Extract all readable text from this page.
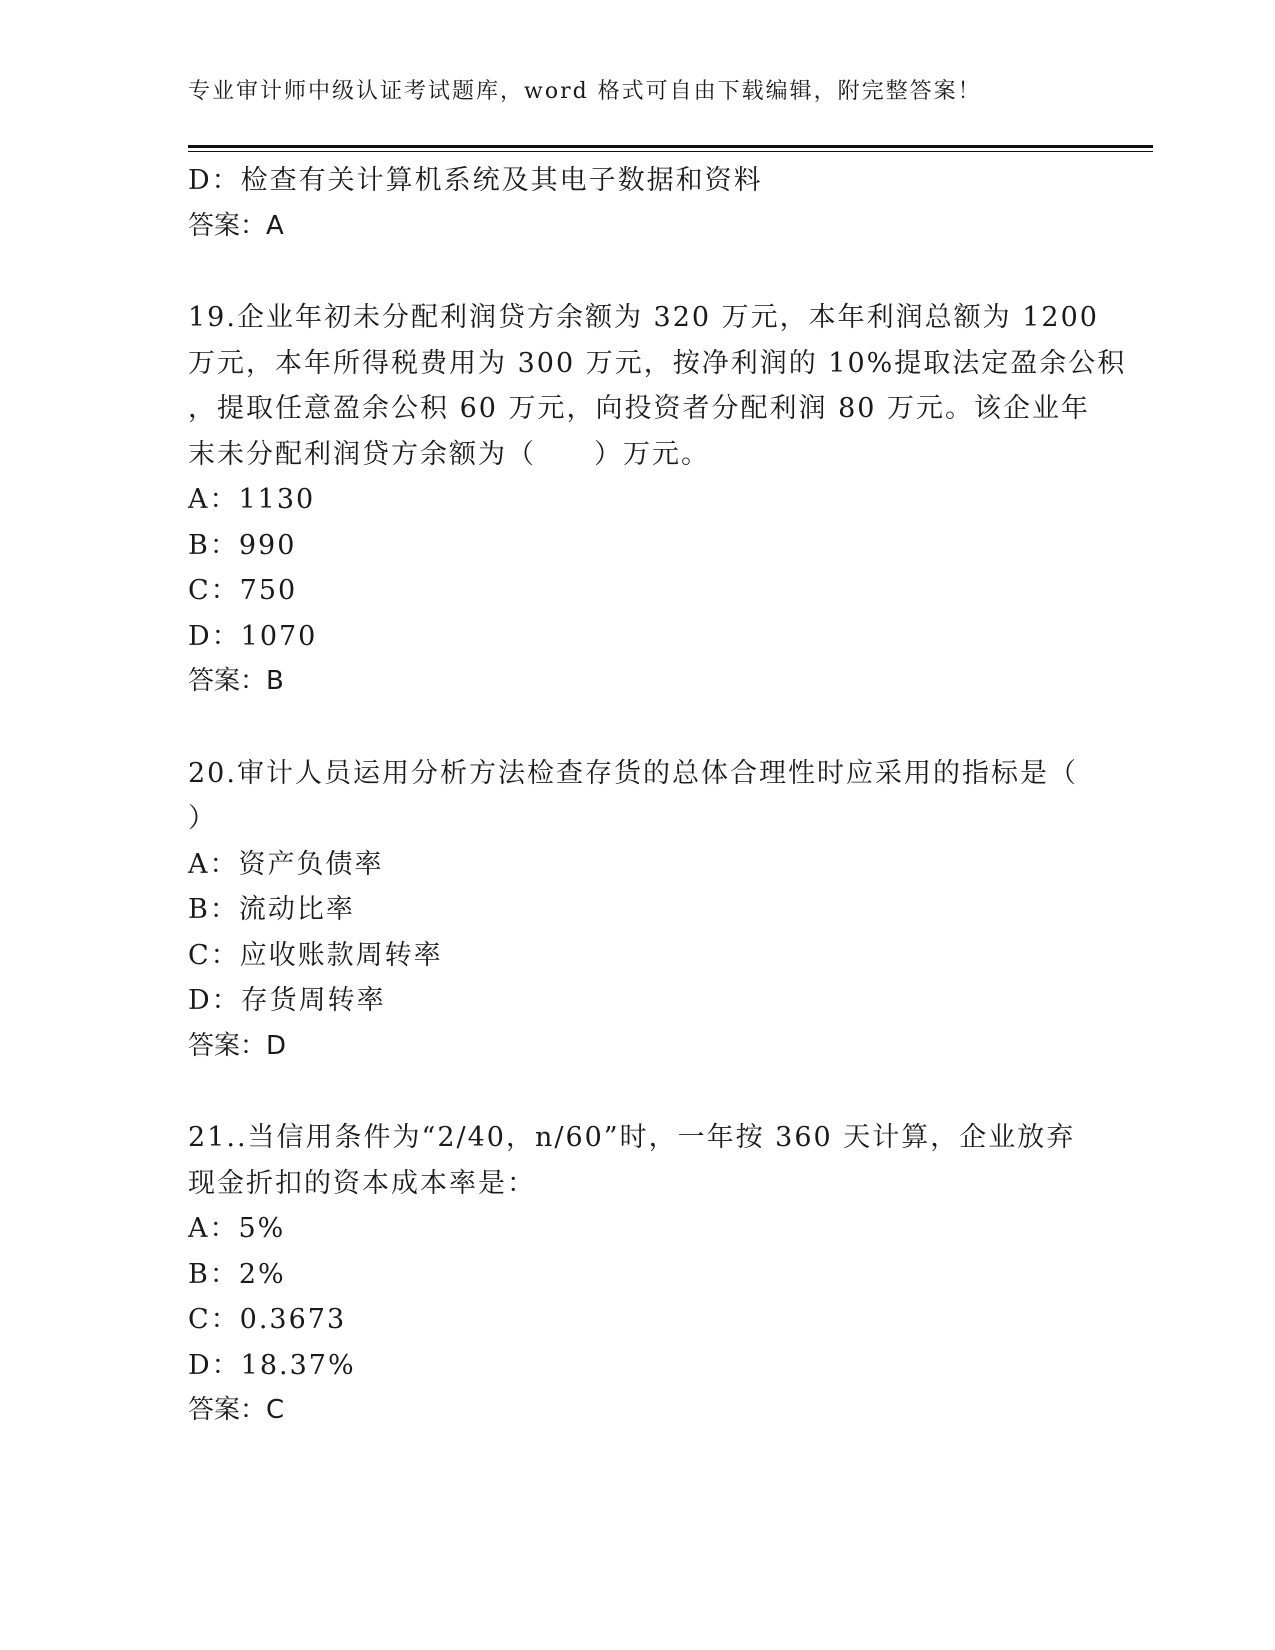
专业审计师中级认证考试题库，word 格式可自由下载编辑，附完整答案！
D：检查有关计算机系统及其电子数据和资料
答案：A
19.企业年初未分配利润贷方余额为 320 万元，本年利润总额为 1200
万元，本年所得税费用为 300 万元，按净利润的 10%提取法定盈余公积
，提取任意盈余公积 60 万元，向投资者分配利润 80 万元。该企业年
末未分配利润贷方余额为（　　）万元。
A：1130
B：990
C：750
D：1070
答案：B
20.审计人员运用分析方法检查存货的总体合理性时应采用的指标是（
）
A：资产负债率
B：流动比率
C：应收账款周转率
D：存货周转率
答案：D
21..当信用条件为“2/40，n/60”时，一年按 360 天计算，企业放弃
现金折扣的资本成本率是：
A：5%
B：2%
C：0.3673
D：18.37%
答案：C
